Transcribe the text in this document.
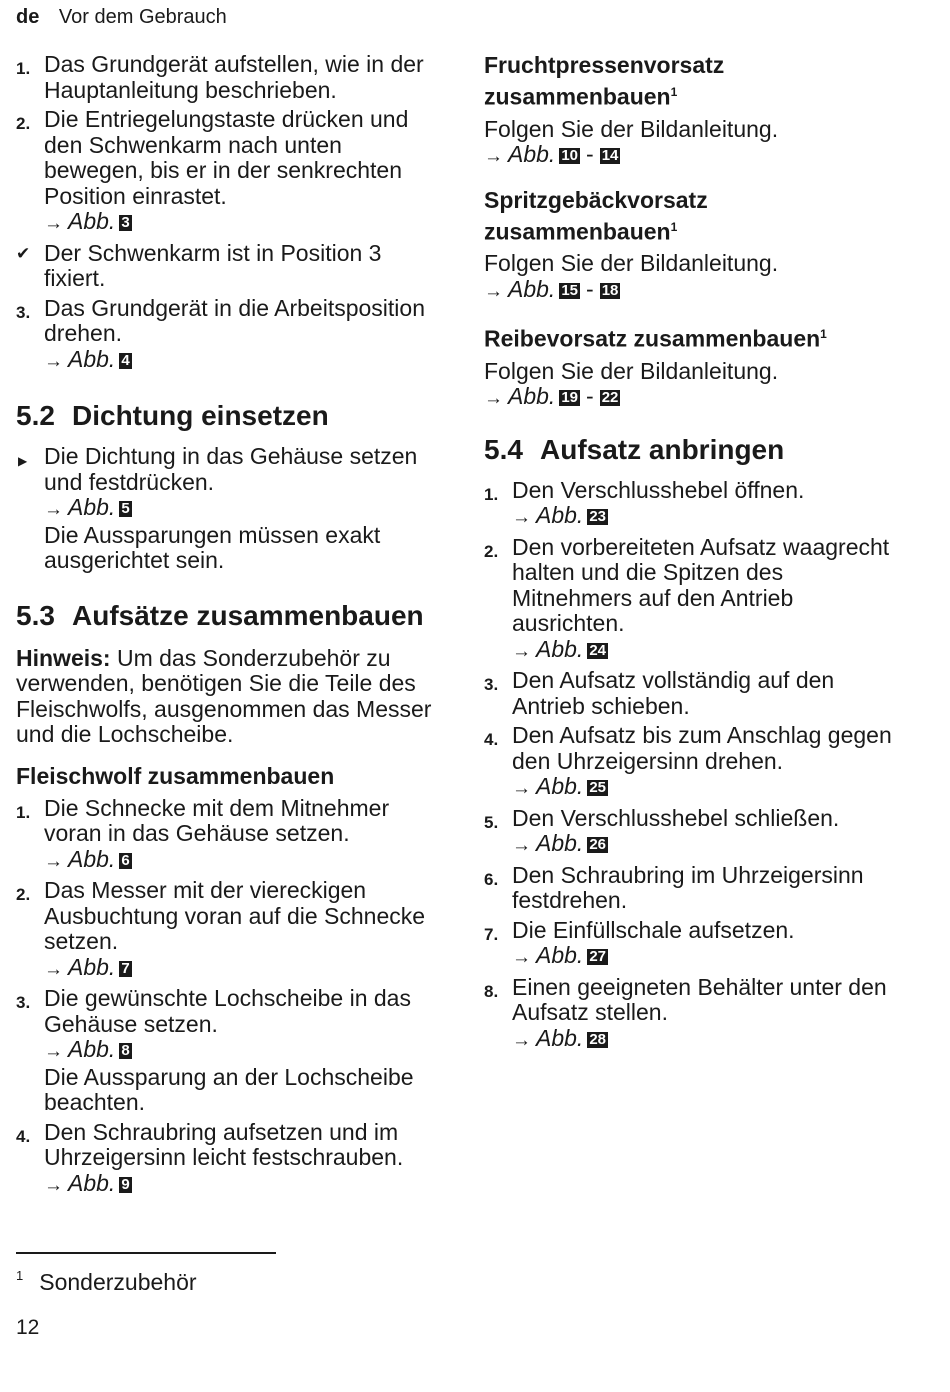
de Vor dem Gebrauch
1. Das Grundgerät aufstellen, wie in der Hauptanleitung beschrieben.
2. Die Entriegelungstaste drücken und den Schwenkarm nach unten bewegen, bis er in der senkrechten Position einrastet.
→ Abb. 3
✔ Der Schwenkarm ist in Position 3 fixiert.
3. Das Grundgerät in die Arbeitsposition drehen.
→ Abb. 4
5.2 Dichtung einsetzen
▶ Die Dichtung in das Gehäuse setzen und festdrücken.
→ Abb. 5
Die Aussparungen müssen exakt ausgerichtet sein.
5.3 Aufsätze zusammenbauen
Hinweis: Um das Sonderzubehör zu verwenden, benötigen Sie die Teile des Fleischwolfs, ausgenommen das Messer und die Lochscheibe.
Fleischwolf zusammenbauen
1. Die Schnecke mit dem Mitnehmer voran in das Gehäuse setzen.
→ Abb. 6
2. Das Messer mit der viereckigen Ausbuchtung voran auf die Schnecke setzen.
→ Abb. 7
3. Die gewünschte Lochscheibe in das Gehäuse setzen.
→ Abb. 8
Die Aussparung an der Lochscheibe beachten.
4. Den Schraubring aufsetzen und im Uhrzeigersinn leicht festschrauben.
→ Abb. 9
Fruchtpressenvorsatz zusammenbauen$^1$
Folgen Sie der Bildanleitung.
→ Abb. 10 - 14
Spritzgebäckvorsatz zusammenbauen$^1$
Folgen Sie der Bildanleitung.
→ Abb. 15 - 18
Reibevorsatz zusammenbauen$^1$
Folgen Sie der Bildanleitung.
→ Abb. 19 - 22
5.4 Aufsatz anbringen
1. Den Verschlusshebel öffnen.
→ Abb. 23
2. Den vorbereiteten Aufsatz waagrecht halten und die Spitzen des Mitnehmers auf den Antrieb ausrichten.
→ Abb. 24
3. Den Aufsatz vollständig auf den Antrieb schieben.
4. Den Aufsatz bis zum Anschlag gegen den Uhrzeigersinn drehen.
→ Abb. 25
5. Den Verschlusshebel schließen.
→ Abb. 26
6. Den Schraubring im Uhrzeigersinn festdrehen.
7. Die Einfüllschale aufsetzen.
→ Abb. 27
8. Einen geeigneten Behälter unter den Aufsatz stellen.
→ Abb. 28
$^1$ Sonderzubehör
12
